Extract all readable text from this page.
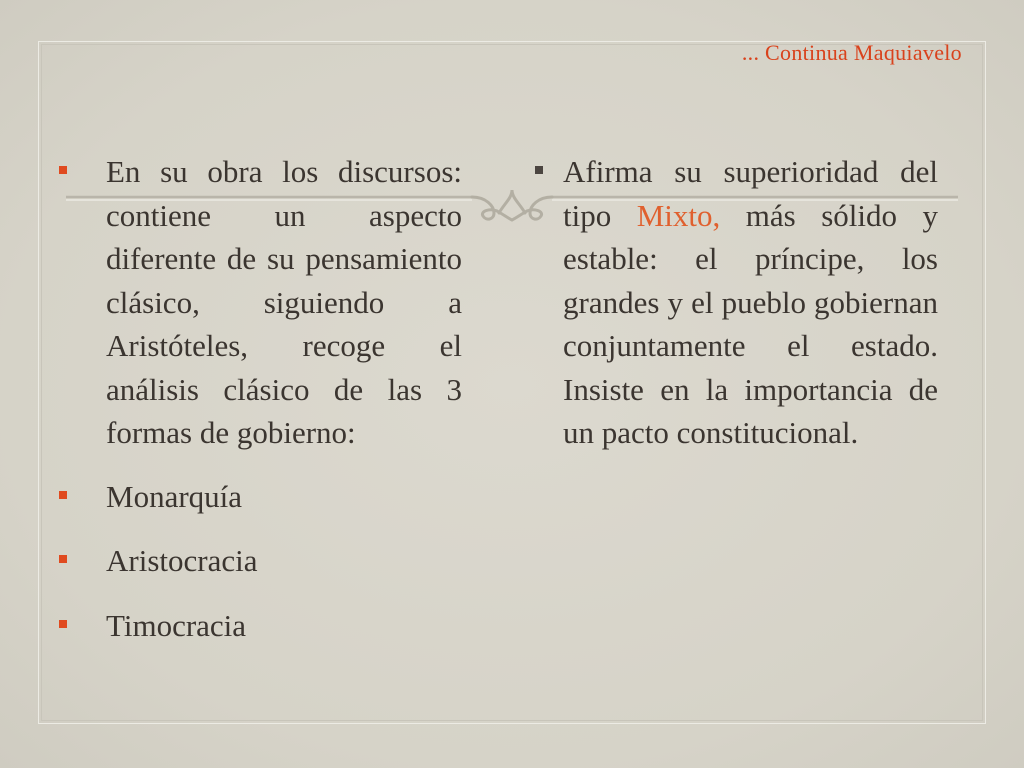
... Continua Maquiavelo
En su obra los discursos: contiene un aspecto diferente de su pensamiento clásico, siguiendo a Aristóteles, recoge el análisis clásico de las 3 formas de gobierno:
Monarquía
Aristocracia
Timocracia
Afirma su superioridad del tipo Mixto, más sólido y estable: el príncipe, los grandes y el pueblo gobiernan conjuntamente el estado. Insiste en la importancia de un pacto constitucional.
